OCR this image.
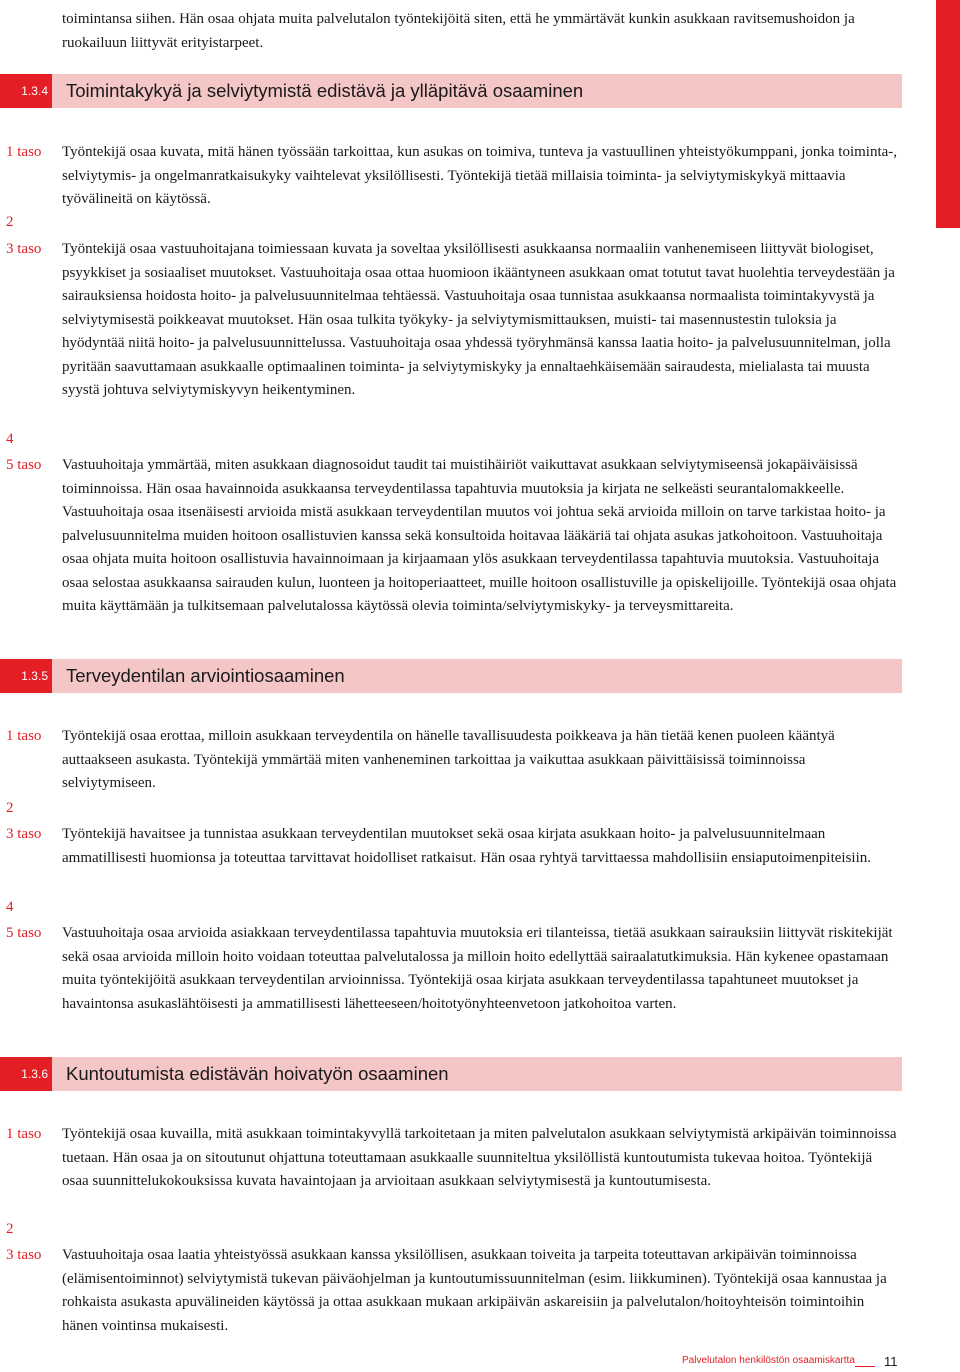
toimintansa siihen. Hän osaa ohjata muita palvelutalon työntekijöitä siten, että he ymmärtävät kunkin asukkaan ravitsemushoidon ja ruokailuun liittyvät erityistarpeet.

1.3.4 Toimintakykyä ja selviytymistä edistävä ja ylläpitävä osaaminen
1 taso Työntekijä osaa kuvata, mitä hänen työssään tarkoittaa, kun asukas on toimiva, tunteva ja vastuullinen yhteistyökumppani, jonka toiminta-, selviytymis- ja ongelmanratkaisukyky vaihtelevat yksilöllisesti. Työntekijä tietää millaisia toiminta- ja selviytymiskykyä mittaavia työvälineitä on käytössä.

2
3 taso Työntekijä osaa vastuuhoitajana toimiessaan kuvata ja soveltaa yksilöllisesti asukkaansa normaaliin vanhenemiseen liittyvät biologiset, psyykkiset ja sosiaaliset muutokset. Vastuuhoitaja osaa ottaa huomioon ikääntyneen asukkaan omat totutut tavat huolehtia terveydestään ja sairauksiensa hoidosta hoito- ja palvelusuunnitelmaa tehtäessä. Vastuuhoitaja osaa tunnistaa asukkaansa normaalista toimintakyvystä ja selviytymisestä poikkeavat muutokset. Hän osaa tulkita työkyky- ja selviytymismittauksen, muisti- tai masennustestin tuloksia ja hyödyntää niitä hoito- ja palvelusuunnittelussa. Vastuuhoitaja osaa yhdessä työryhmänsä kanssa laatia hoito- ja palvelusuunnitelman, jolla pyritään saavuttamaan asukkaalle optimaalinen toiminta- ja selviytymiskyky ja ennaltaehkäisemään sairaudesta, mielialasta tai muusta syystä johtuva selviytymiskyvyn heikentyminen.

4
5 taso Vastuuhoitaja ymmärtää, miten asukkaan diagnosoidut taudit tai muistihäiriöt vaikuttavat asukkaan selviytymiseensä jokapäiväisissä toiminnoissa. Hän osaa havainnoida asukkaansa terveydentilassa tapahtuvia muutoksia ja kirjata ne selkeästi seurantalomakkeelle. Vastuuhoitaja osaa itsenäisesti arvioida mistä asukkaan terveydentilan muutos voi johtua sekä arvioida milloin on tarve tarkistaa hoito- ja palvelusuunnitelma muiden hoitoon osallistuvien kanssa sekä konsultoida hoitavaa lääkäriä tai ohjata asukas jatkohoitoon. Vastuuhoitaja osaa ohjata muita hoitoon osallistuvia havainnoimaan ja kirjaamaan ylös asukkaan terveydentilassa tapahtuvia muutoksia. Vastuuhoitaja osaa selostaa asukkaansa sairauden kulun, luonteen ja hoitoperiaatteet, muille hoitoon osallistuville ja opiskelijoille. Työntekijä osaa ohjata muita käyttämään ja tulkitsemaan palvelutalossa käytössä olevia toiminta/selviytymiskyky- ja terveysmittareita.

1.3.5 Terveydentilan arviointiosaaminen
1 taso Työntekijä osaa erottaa, milloin asukkaan terveydentila on hänelle tavallisuudesta poikkeava ja hän tietää kenen puoleen kääntyä auttaakseen asukasta. Työntekijä ymmärtää miten vanheneminen tarkoittaa ja vaikuttaa asukkaan päivittäisissä toiminnoissa selviytymiseen.

2
3 taso Työntekijä havaitsee ja tunnistaa asukkaan terveydentilan muutokset sekä osaa kirjata asukkaan hoito- ja palvelusuunnitelmaan ammatillisesti huomionsa ja toteuttaa tarvittavat hoidolliset ratkaisut. Hän osaa ryhtyä tarvittaessa mahdollisiin ensiaputoimenpiteisiin.

4
5 taso Vastuuhoitaja osaa arvioida asiakkaan terveydentilassa tapahtuvia muutoksia eri tilanteissa, tietää asukkaan sairauksiin liittyvät riskitekijät sekä osaa arvioida milloin hoito voidaan toteuttaa palvelutalossa ja milloin hoito edellyttää sairaalatutkimuksia. Hän kykenee opastamaan muita työntekijöitä asukkaan terveydentilan arvioinnissa. Työntekijä osaa kirjata asukkaan terveydentilassa tapahtuneet muutokset ja havaintonsa asukaslähtöisesti ja ammatillisesti lähetteeseen/hoitotyönyhteenvetoon jatkohoitoa varten.

1.3.6 Kuntoutumista edistävän hoivatyön osaaminen
1 taso Työntekijä osaa kuvailla, mitä asukkaan toimintakyvyllä tarkoitetaan ja miten palvelutalon asukkaan selviytymistä arkipäivän toiminnoissa tuetaan. Hän osaa ja on sitoutunut ohjattuna toteuttamaan asukkaalle suunniteltua yksilöllistä kuntoutumista tukevaa hoitoa. Työntekijä osaa suunnittelukokouksissa kuvata havaintojaan ja arvioitaan asukkaan selviytymisestä ja kuntoutumisesta.

2
3 taso Vastuuhoitaja osaa laatia yhteistyössä asukkaan kanssa yksilöllisen, asukkaan toiveita ja tarpeita toteuttavan arkipäivän toiminnoissa (elämisentoiminnot) selviytymistä tukevan päiväohjelman ja kuntoutumissuunnitelman (esim. liikkuminen). Työntekijä osaa kannustaa ja rohkaista asukasta apuvälineiden käytössä ja ottaa asukkaan mukaan arkipäivän askareisiin ja palvelutalon/hoitoyhteisön toimintoihin hänen vointinsa mukaisesti.

Palvelutalon henkilöstön osaamiskartta 11
